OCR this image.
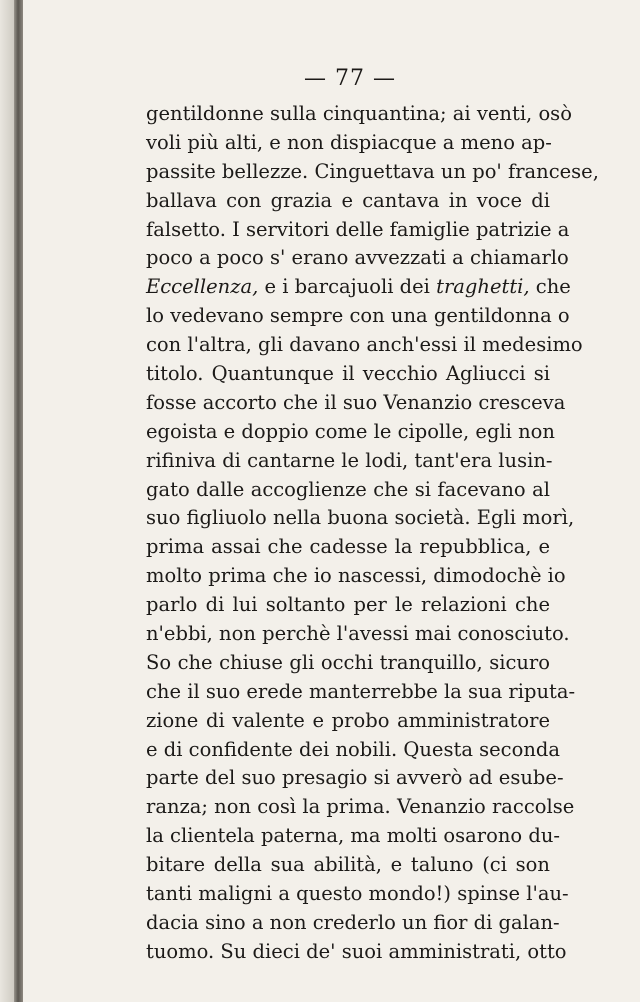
— 77 —
gentildonne sulla cinquantina; ai venti, osò
voli più alti, e non dispiacque a meno ap-
passite bellezze. Cinguettava un po' francese,
ballava con grazia e cantava in voce di
falsetto. I servitori delle famiglie patrizie a
poco a poco s' erano avvezzati a chiamarlo
Eccellenza, e i barcajuoli dei traghetti, che
lo vedevano sempre con una gentildonna o
con l'altra, gli davano anch'essi il medesimo
titolo. Quantunque il vecchio Agliucci si
fosse accorto che il suo Venanzio cresceva
egoista e doppio come le cipolle, egli non
rifiniva di cantarne le lodi, tant'era lusin-
gato dalle accoglienze che si facevano al
suo figliuolo nella buona società. Egli morì,
prima assai che cadesse la repubblica, e
molto prima che io nascessi, dimodochè io
parlo di lui soltanto per le relazioni che
n'ebbi, non perchè l'avessi mai conosciuto.
So che chiuse gli occhi tranquillo, sicuro
che il suo erede manterrebbe la sua riputa-
zione di valente e probo amministratore
e di confidente dei nobili. Questa seconda
parte del suo presagio si avverò ad esube-
ranza; non così la prima. Venanzio raccolse
la clientela paterna, ma molti osarono du-
bitare della sua abilità, e taluno (ci son
tanti maligni a questo mondo!) spinse l'au-
dacia sino a non crederlo un fior di galan-
tuomo. Su dieci de' suoi amministrati, otto
